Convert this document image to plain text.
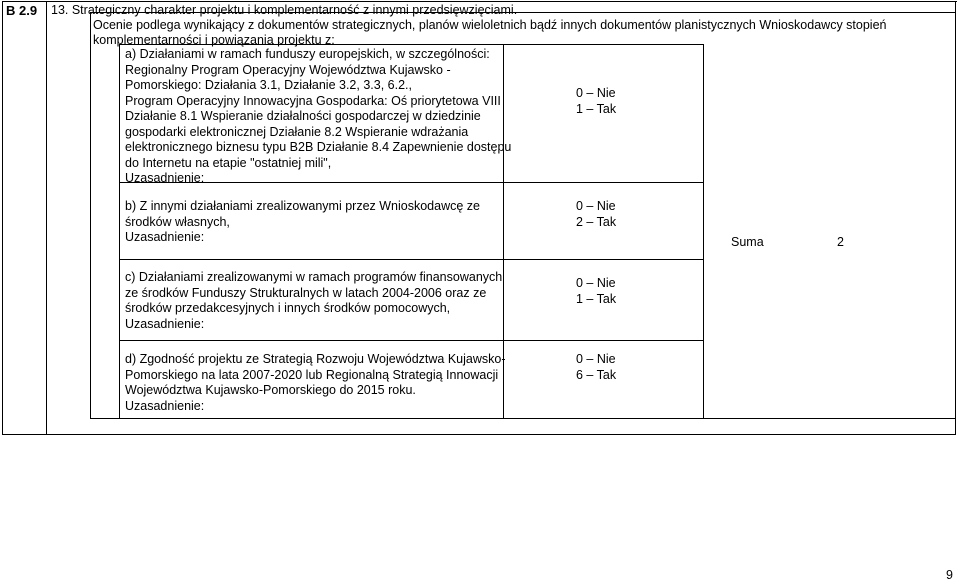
B 2.9 13. Strategiczny charakter projektu i komplementarność z innymi przedsięwzięciami.
Ocenie podlega wynikający z dokumentów strategicznych, planów wieloletnich bądź innych dokumentów planistycznych Wnioskodawcy stopień
komplementarności i powiązania projektu z:
a) Działaniami w ramach funduszy europejskich, w szczególności:
Regionalny Program Operacyjny Województwa Kujawsko -
Pomorskiego: Działania 3.1, Działanie 3.2, 3.3, 6.2.,
Program Operacyjny Innowacyjna Gospodarka: Oś priorytetowa VIII
Działanie 8.1 Wspieranie działalności gospodarczej w dziedzinie
gospodarki elektronicznej Działanie 8.2 Wspieranie wdrażania
elektronicznego biznesu typu B2B Działanie 8.4 Zapewnienie dostępu
do Internetu na etapie "ostatniej mili",
Uzasadnienie:
0 – Nie
1 – Tak
b) Z innymi działaniami zrealizowanymi przez Wnioskodawcę ze
środków własnych,
Uzasadnienie:
0 – Nie
2 – Tak
Suma	2
c) Działaniami zrealizowanymi w ramach programów finansowanych
ze środków Funduszy Strukturalnych w latach 2004-2006 oraz ze
środków przedakcesyjnych i innych środków pomocowych,
Uzasadnienie:
0 – Nie
1 – Tak
d) Zgodność projektu ze Strategią Rozwoju Województwa Kujawsko-
Pomorskiego na lata 2007-2020 lub Regionalną Strategią Innowacji
Województwa Kujawsko-Pomorskiego do 2015 roku.
Uzasadnienie:
0 – Nie
6 – Tak
9
